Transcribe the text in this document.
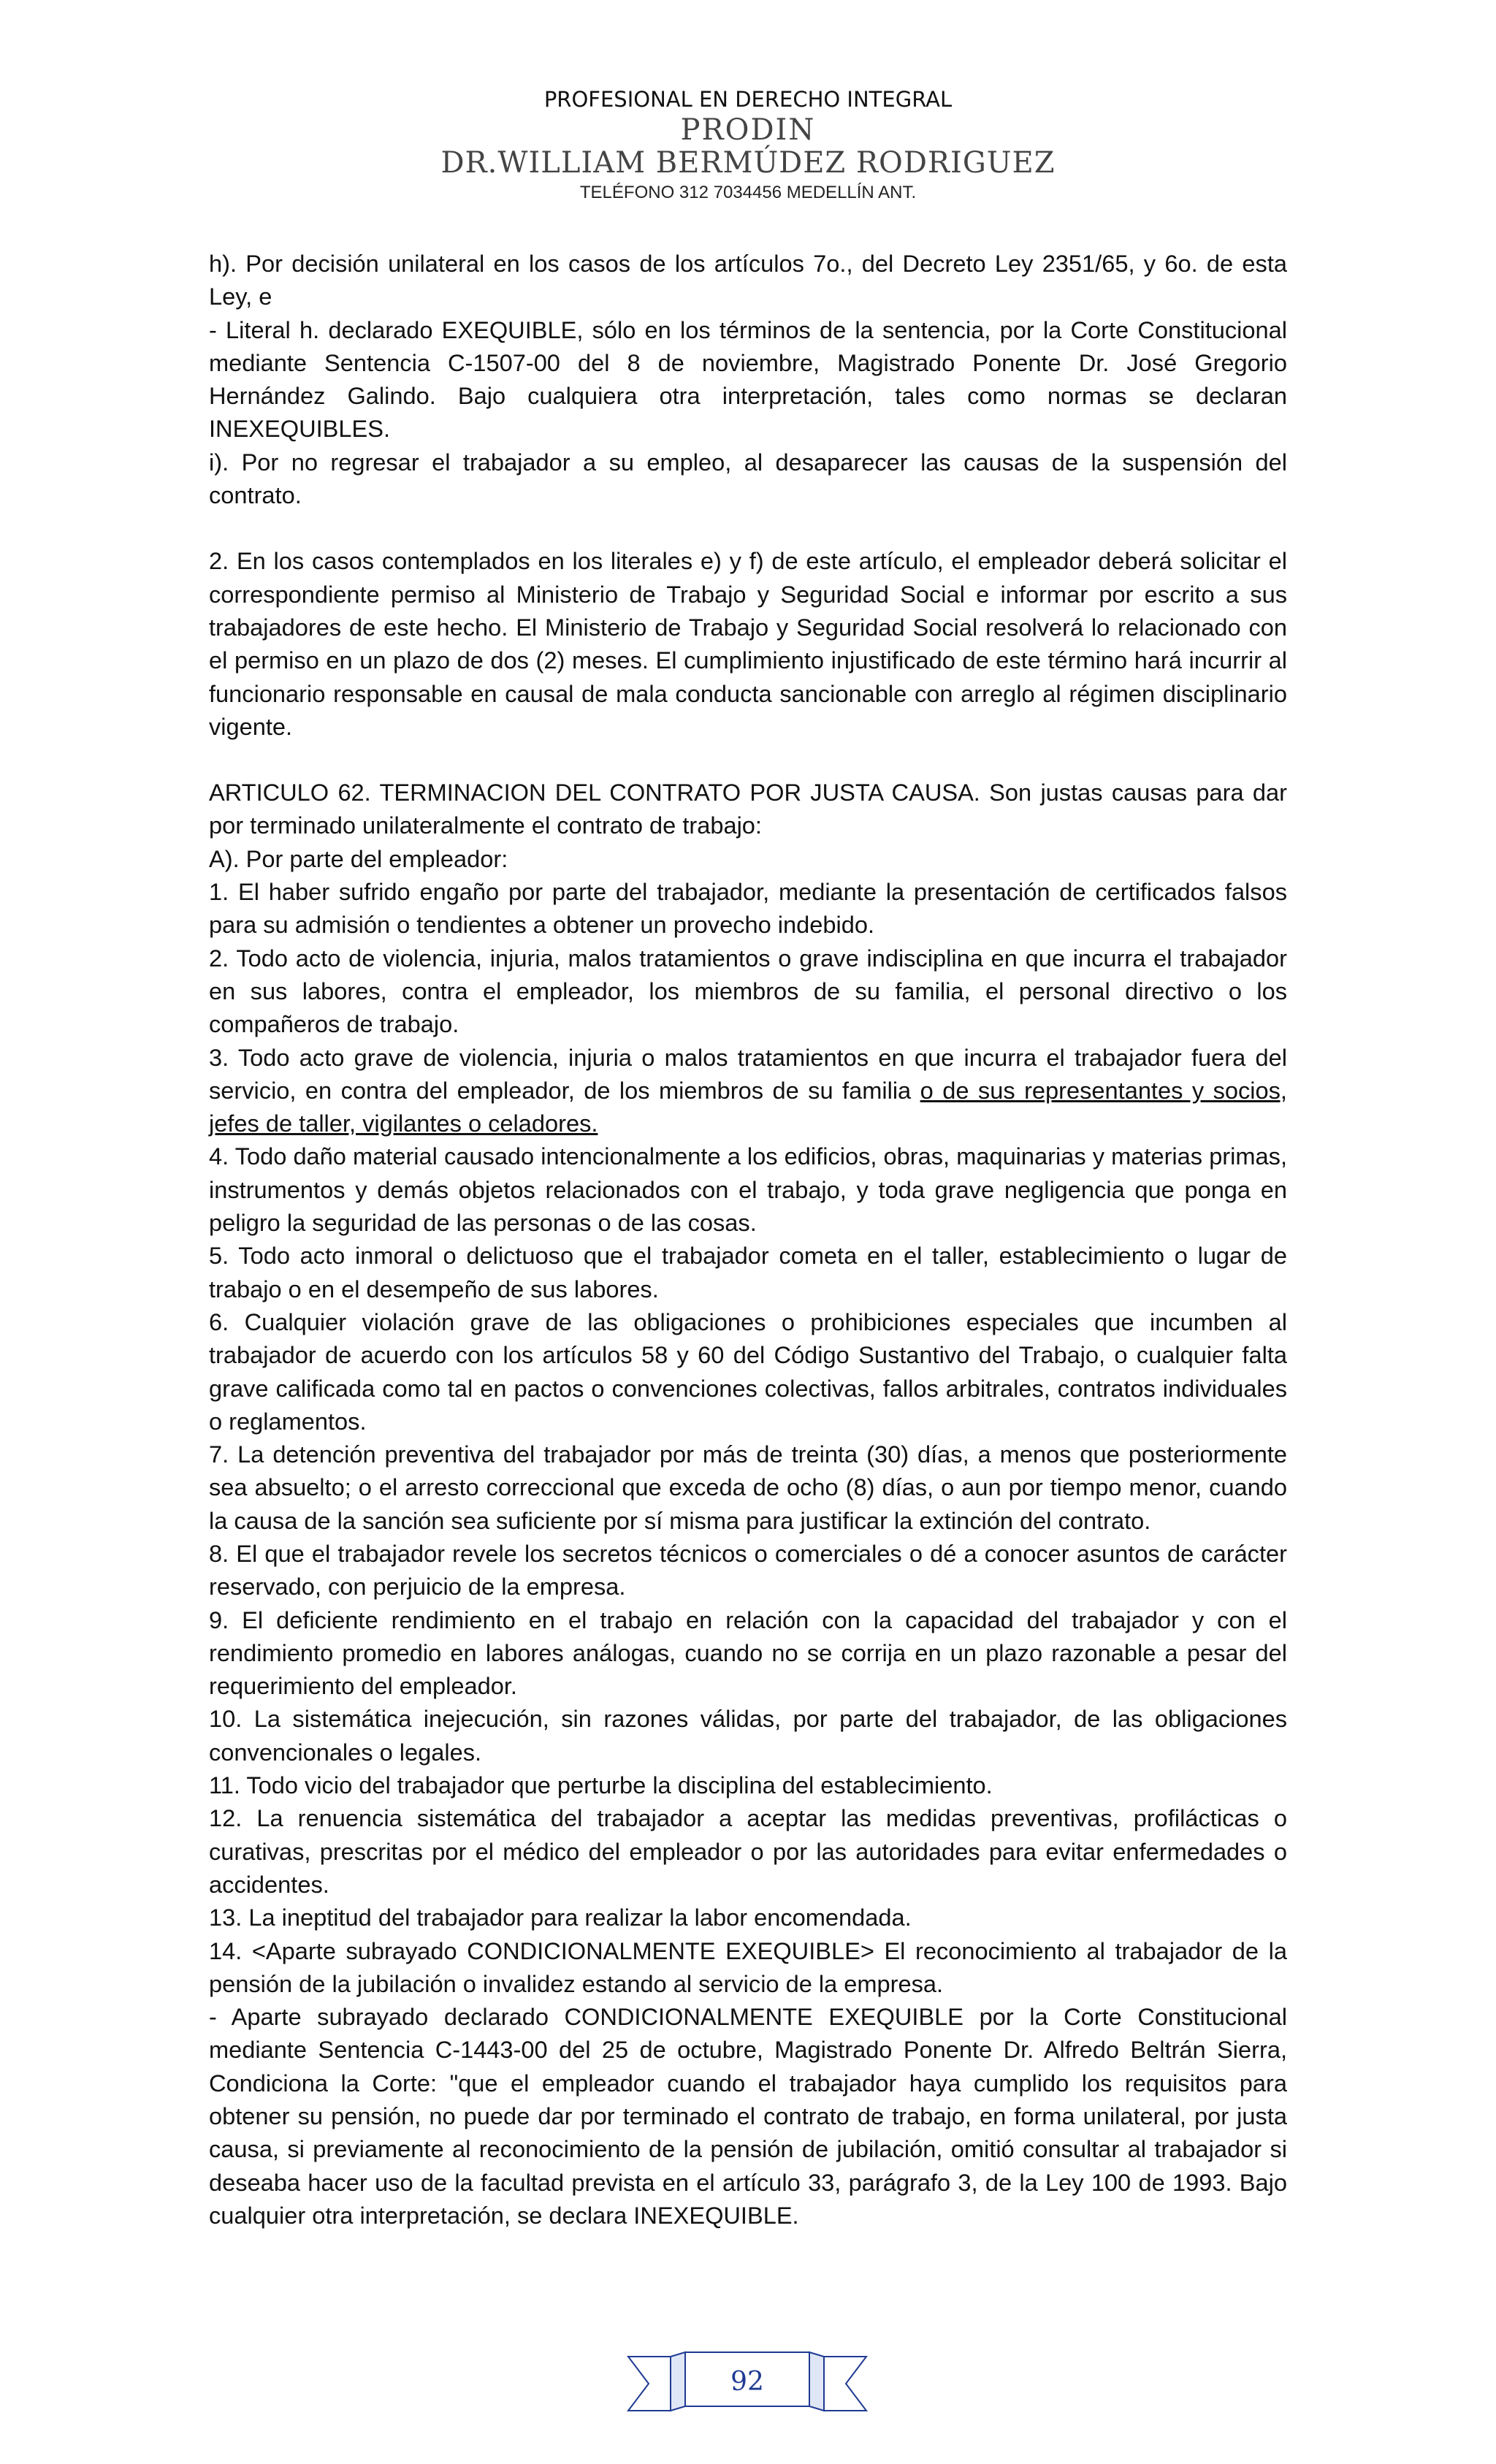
PROFESIONAL EN DERECHO INTEGRAL
PRODIN
DR.WILLIAM BERMÚDEZ RODRIGUEZ
TELÉFONO 312 7034456 MEDELLÍN ANT.

h). Por decisión unilateral en los casos de los artículos 7o., del Decreto Ley 2351/65, y 6o. de esta Ley, e

- Literal h. declarado EXEQUIBLE, sólo en los términos de la sentencia, por la Corte Constitucional mediante Sentencia C-1507-00 del 8 de noviembre, Magistrado Ponente Dr. José Gregorio Hernández Galindo. Bajo cualquiera otra interpretación, tales como normas se declaran INEXEQUIBLES.

i). Por no regresar el trabajador a su empleo, al desaparecer las causas de la suspensión del contrato.

2. En los casos contemplados en los literales e) y f) de este artículo, el empleador deberá solicitar el correspondiente permiso al Ministerio de Trabajo y Seguridad Social e informar por escrito a sus trabajadores de este hecho. El Ministerio de Trabajo y Seguridad Social resolverá lo relacionado con el permiso en un plazo de dos (2) meses. El cumplimiento injustificado de este término hará incurrir al funcionario responsable en causal de mala conducta sancionable con arreglo al régimen disciplinario vigente.

ARTICULO 62. TERMINACION DEL CONTRATO POR JUSTA CAUSA. Son justas causas para dar por terminado unilateralmente el contrato de trabajo:

A). Por parte del empleador:

1. El haber sufrido engaño por parte del trabajador, mediante la presentación de certificados falsos para su admisión o tendientes a obtener un provecho indebido.

2. Todo acto de violencia, injuria, malos tratamientos o grave indisciplina en que incurra el trabajador en sus labores, contra el empleador, los miembros de su familia, el personal directivo o los compañeros de trabajo.

3. Todo acto grave de violencia, injuria o malos tratamientos en que incurra el trabajador fuera del servicio, en contra del empleador, de los miembros de su familia o de sus representantes y socios, jefes de taller, vigilantes o celadores.

4. Todo daño material causado intencionalmente a los edificios, obras, maquinarias y materias primas, instrumentos y demás objetos relacionados con el trabajo, y toda grave negligencia que ponga en peligro la seguridad de las personas o de las cosas.

5. Todo acto inmoral o delictuoso que el trabajador cometa en el taller, establecimiento o lugar de trabajo o en el desempeño de sus labores.

6. Cualquier violación grave de las obligaciones o prohibiciones especiales que incumben al trabajador de acuerdo con los artículos 58 y 60 del Código Sustantivo del Trabajo, o cualquier falta grave calificada como tal en pactos o convenciones colectivas, fallos arbitrales, contratos individuales o reglamentos.

7. La detención preventiva del trabajador por más de treinta (30) días, a menos que posteriormente sea absuelto; o el arresto correccional que exceda de ocho (8) días, o aun por tiempo menor, cuando la causa de la sanción sea suficiente por sí misma para justificar la extinción del contrato.

8. El que el trabajador revele los secretos técnicos o comerciales o dé a conocer asuntos de carácter reservado, con perjuicio de la empresa.

9. El deficiente rendimiento en el trabajo en relación con la capacidad del trabajador y con el rendimiento promedio en labores análogas, cuando no se corrija en un plazo razonable a pesar del requerimiento del empleador.

10. La sistemática inejecución, sin razones válidas, por parte del trabajador, de las obligaciones convencionales o legales.

11. Todo vicio del trabajador que perturbe la disciplina del establecimiento.

12. La renuencia sistemática del trabajador a aceptar las medidas preventivas, profilácticas o curativas, prescritas por el médico del empleador o por las autoridades para evitar enfermedades o accidentes.

13. La ineptitud del trabajador para realizar la labor encomendada.

14. <Aparte subrayado CONDICIONALMENTE EXEQUIBLE> El reconocimiento al trabajador de la pensión de la jubilación o invalidez estando al servicio de la empresa.

- Aparte subrayado declarado CONDICIONALMENTE EXEQUIBLE por la Corte Constitucional mediante Sentencia C-1443-00 del 25 de octubre, Magistrado Ponente Dr. Alfredo Beltrán Sierra, Condiciona la Corte: "que el empleador cuando el trabajador haya cumplido los requisitos para obtener su pensión, no puede dar por terminado el contrato de trabajo, en forma unilateral, por justa causa, si previamente al reconocimiento de la pensión de jubilación, omitió consultar al trabajador si deseaba hacer uso de la facultad prevista en el artículo 33, parágrafo 3, de la Ley 100 de 1993. Bajo cualquier otra interpretación, se declara INEXEQUIBLE.

92
